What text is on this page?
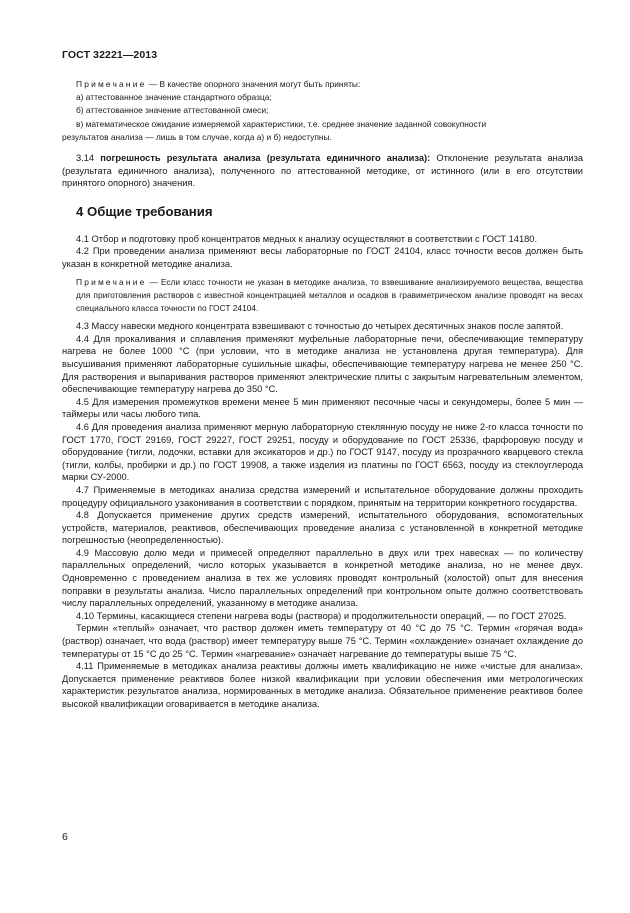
ГОСТ 32221—2013

Примечание — В качестве опорного значения могут быть приняты:

а) аттестованное значение стандартного образца;

б) аттестованное значение аттестованной смеси;

в) математическое ожидание измеряемой характеристики, т.е. среднее значение заданной совокупности

результатов анализа — лишь в том случае, когда а) и б) недоступны.

3.14 погрешность результата анализа (результата единичного анализа): Отклонение результата анализа (результата единичного анализа), полученного по аттестованной методике, от истинного (или в его отсутствии принятого опорного) значения.

4 Общие требования

4.1 Отбор и подготовку проб концентратов медных к анализу осуществляют в соответствии с ГОСТ 14180.

4.2 При проведении анализа применяют весы лабораторные по ГОСТ 24104, класс точности весов должен быть указан в конкретной методике анализа.

Примечание — Если класс точности не указан в методике анализа, то взвешивание анализируемого вещества, вещества для приготовления растворов с известной концентрацией металлов и осадков в гравиметрическом анализе проводят на весах специального класса точности по ГОСТ 24104.

4.3 Массу навески медного концентрата взвешивают с точностью до четырех десятичных знаков после запятой.

4.4 Для прокаливания и сплавления применяют муфельные лабораторные печи, обеспечивающие температуру нагрева не более 1000 °С (при условии, что в методике анализа не установлена другая температура). Для высушивания применяют лабораторные сушильные шкафы, обеспечивающие температуру нагрева не менее 250 °С. Для растворения и выпаривания растворов применяют электрические плиты с закрытым нагревательным элементом, обеспечивающие температуру нагрева до 350 °С.

4.5 Для измерения промежутков времени менее 5 мин применяют песочные часы и секундомеры, более 5 мин — таймеры или часы любого типа.

4.6 Для проведения анализа применяют мерную лабораторную стеклянную посуду не ниже 2-го класса точности по ГОСТ 1770, ГОСТ 29169, ГОСТ 29227, ГОСТ 29251, посуду и оборудование по ГОСТ 25336, фарфоровую посуду и оборудование (тигли, лодочки, вставки для эксикаторов и др.) по ГОСТ 9147, посуду из прозрачного кварцевого стекла (тигли, колбы, пробирки и др.) по ГОСТ 19908, а также изделия из платины по ГОСТ 6563, посуду из стеклоуглерода марки СУ-2000.

4.7 Применяемые в методиках анализа средства измерений и испытательное оборудование должны проходить процедуру официального узаконивания в соответствии с порядком, принятым на территории конкретного государства.

4.8 Допускается применение других средств измерений, испытательного оборудования, вспомогательных устройств, материалов, реактивов, обеспечивающих проведение анализа с установленной в конкретной методике погрешностью (неопределенностью).

4.9 Массовую долю меди и примесей определяют параллельно в двух или трех навесках — по количеству параллельных определений, число которых указывается в конкретной методике анализа, но не менее двух. Одновременно с проведением анализа в тех же условиях проводят контрольный (холостой) опыт для внесения поправки в результаты анализа. Число параллельных определений при контрольном опыте должно соответствовать числу параллельных определений, указанному в методике анализа.

4.10 Термины, касающиеся степени нагрева воды (раствора) и продолжительности операций, — по ГОСТ 27025.

Термин «теплый» означает, что раствор должен иметь температуру от 40 °С до 75 °С. Термин «горячая вода» (раствор) означает, что вода (раствор) имеет температуру выше 75 °С. Термин «охлаждение» означает охлаждение до температуры от 15 °С до 25 °С. Термин «нагревание» означает нагревание до температуры выше 75 °С.

4.11 Применяемые в методиках анализа реактивы должны иметь квалификацию не ниже «чистые для анализа». Допускается применение реактивов более низкой квалификации при условии обеспечения ими метрологических характеристик результатов анализа, нормированных в методике анализа. Обязательное применение реактивов более высокой квалификации оговаривается в методике анализа.

6
